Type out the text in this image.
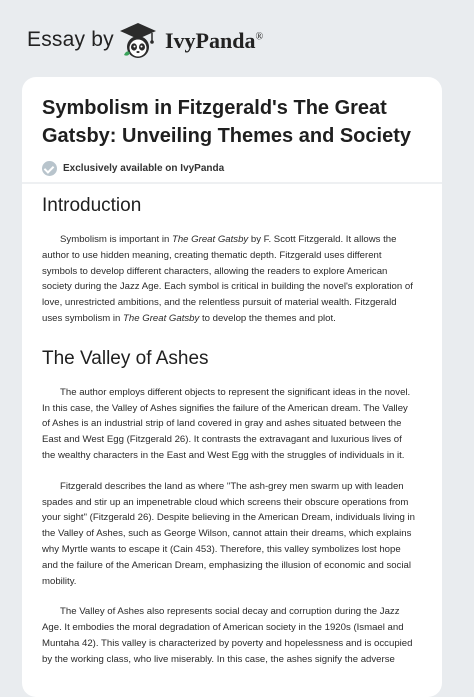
Essay by IvyPanda®
Symbolism in Fitzgerald's The Great
Gatsby: Unveiling Themes and Society
Exclusively available on IvyPanda
Introduction

Symbolism is important in The Great Gatsby by F. Scott Fitzgerald. It allows the
author to use hidden meaning, creating thematic depth. Fitzgerald uses different
symbols to develop different characters, allowing the readers to explore American
society during the Jazz Age. Each symbol is critical in building the novel's exploration of
love, unrestricted ambitions, and the relentless pursuit of material wealth. Fitzgerald
uses symbolism in The Great Gatsby to develop the themes and plot.

The Valley of Ashes

The author employs different objects to represent the significant ideas in the novel.
In this case, the Valley of Ashes signifies the failure of the American dream. The Valley
of Ashes is an industrial strip of land covered in gray and ashes situated between the
East and West Egg (Fitzgerald 26). It contrasts the extravagant and luxurious lives of
the wealthy characters in the East and West Egg with the struggles of individuals in it.

Fitzgerald describes the land as where "The ash-grey men swarm up with leaden
spades and stir up an impenetrable cloud which screens their obscure operations from
your sight" (Fitzgerald 26). Despite believing in the American Dream, individuals living in
the Valley of Ashes, such as George Wilson, cannot attain their dreams, which explains
why Myrtle wants to escape it (Cain 453). Therefore, this valley symbolizes lost hope
and the failure of the American Dream, emphasizing the illusion of economic and social
mobility.

The Valley of Ashes also represents social decay and corruption during the Jazz
Age. It embodies the moral degradation of American society in the 1920s (Ismael and
Muntaha 42). This valley is characterized by poverty and hopelessness and is occupied
by the working class, who live miserably. In this case, the ashes signify the adverse
